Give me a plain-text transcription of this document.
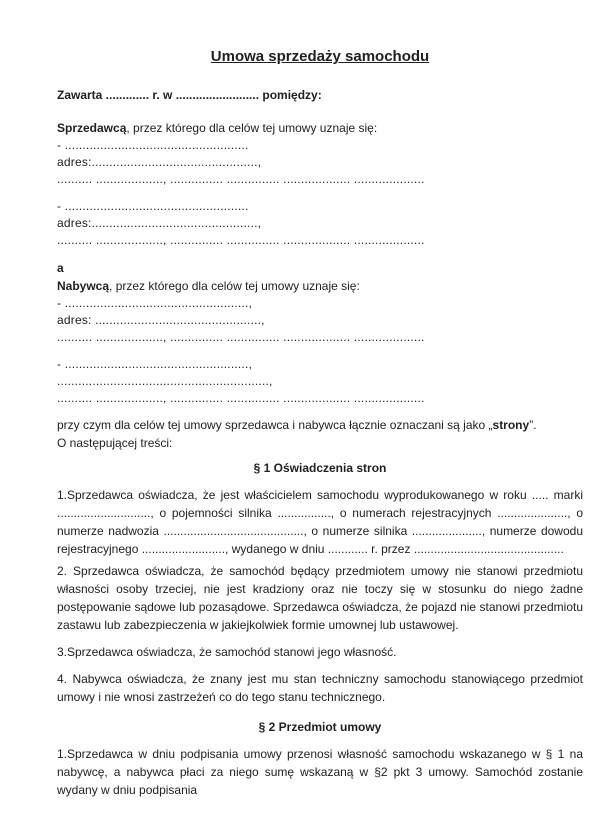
Umowa sprzedaży samochodu

Zawarta ............. r. w ......................... pomiędzy:

Sprzedawcą, przez którego dla celów tej umowy uznaje się:

- ....................................................

adres:...............................................,

.......... ..................., ............... ............... ................... ....................

- ....................................................

adres:...............................................,

.......... ..................., ............... ............... ................... ....................

a

Nabywcą, przez którego dla celów tej umowy uznaje się:

- ....................................................,

adres: ...............................................,

.......... ..................., ............... ............... ................... ....................

- ....................................................,

............................................................,

.......... ..................., ............... ............... ................... ....................

przy czym dla celów tej umowy sprzedawca i nabywca łącznie oznaczani są jako „strony”.

O następującej treści:

§ 1 Oświadczenia stron

1.Sprzedawca oświadcza, że jest właścicielem samochodu wyprodukowanego w roku ..... marki ............................, o pojemności silnika ................, o numerach rejestracyjnych ....................., o numerze nadwozia .........................................., o numerze silnika ....................., numerze dowodu rejestracyjnego ........................., wydanego w dniu ............ r. przez .............................................

2. Sprzedawca oświadcza, że samochód będący przedmiotem umowy nie stanowi przedmiotu własności osoby trzeciej, nie jest kradziony oraz nie toczy się w stosunku do niego żadne postępowanie sądowe lub pozasądowe. Sprzedawca oświadcza, że pojazd nie stanowi przedmiotu zastawu lub zabezpieczenia w jakiejkolwiek formie umownej lub ustawowej.

3.Sprzedawca oświadcza, że samochód stanowi jego własność.

4. Nabywca oświadcza, że znany jest mu stan techniczny samochodu stanowiącego przedmiot umowy i nie wnosi zastrzeżeń co do tego stanu technicznego.

§ 2 Przedmiot umowy

1.Sprzedawca w dniu podpisania umowy przenosi własność samochodu wskazanego w § 1 na nabywcę, a nabywca płaci za niego sumę wskazaną w §2 pkt 3 umowy. Samochód zostanie wydany w dniu podpisania
